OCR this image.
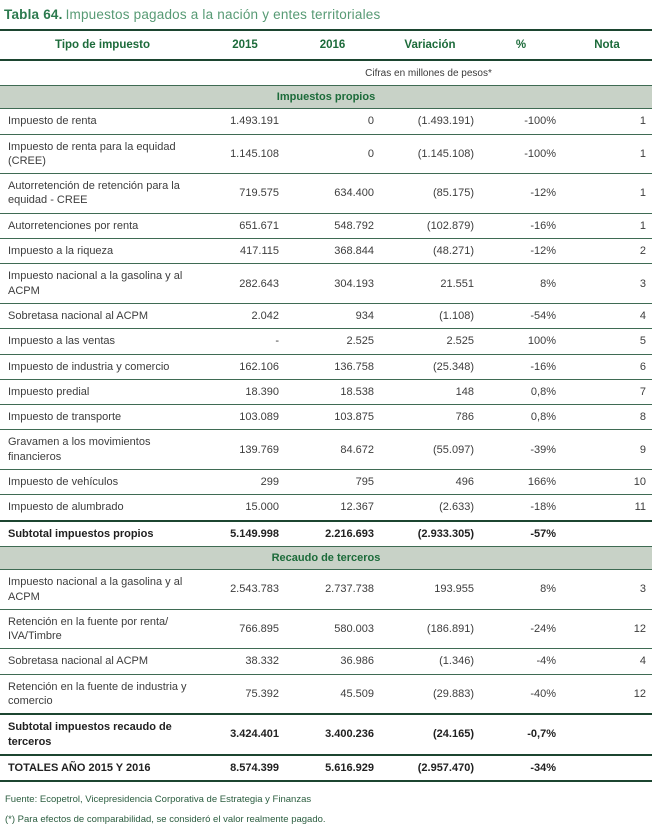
Tabla 64. Impuestos pagados a la nación y entes territoriales
Tipo de impuesto	2015	2016	Variación	%	Nota

Cifras en millones de pesos*					

Impuestos propios					
Impuesto de renta	1.493.191	0	(1.493.191)	-100%	1
Impuesto de renta para la equidad (CREE)	1.145.108	0	(1.145.108)	-100%	1
Autorretención de retención para la equidad - CREE	719.575	634.400	(85.175)	-12%	1
Autorretenciones por renta	651.671	548.792	(102.879)	-16%	1
Impuesto a la riqueza	417.115	368.844	(48.271)	-12%	2
Impuesto nacional a la gasolina y al ACPM	282.643	304.193	21.551	8%	3
Sobretasa nacional al ACPM	2.042	934	(1.108)	-54%	4
Impuesto a las ventas	-	2.525	2.525	100%	5
Impuesto de industria y comercio	162.106	136.758	(25.348)	-16%	6
Impuesto predial	18.390	18.538	148	0,8%	7
Impuesto de transporte	103.089	103.875	786	0,8%	8
Gravamen a los movimientos financieros	139.769	84.672	(55.097)	-39%	9
Impuesto de vehículos	299	795	496	166%	10
Impuesto de alumbrado	15.000	12.367	(2.633)	-18%	11
Subtotal impuestos propios	5.149.998	2.216.693	(2.933.305)	-57%	
Recaudo de terceros					
Impuesto nacional a la gasolina y al ACPM	2.543.783	2.737.738	193.955	8%	3
Retención en la fuente por renta/ IVA/Timbre	766.895	580.003	(186.891)	-24%	12
Sobretasa nacional al ACPM	38.332	36.986	(1.346)	-4%	4
Retención en la fuente de industria y comercio	75.392	45.509	(29.883)	-40%	12
Subtotal impuestos recaudo de terceros	3.424.401	3.400.236	(24.165)	-0,7%	
TOTALES AÑO 2015 Y 2016	8.574.399	5.616.929	(2.957.470)	-34%	
Fuente: Ecopetrol, Vicepresidencia Corporativa de Estrategia y Finanzas
(*) Para efectos de comparabilidad, se consideró el valor realmente pagado.
